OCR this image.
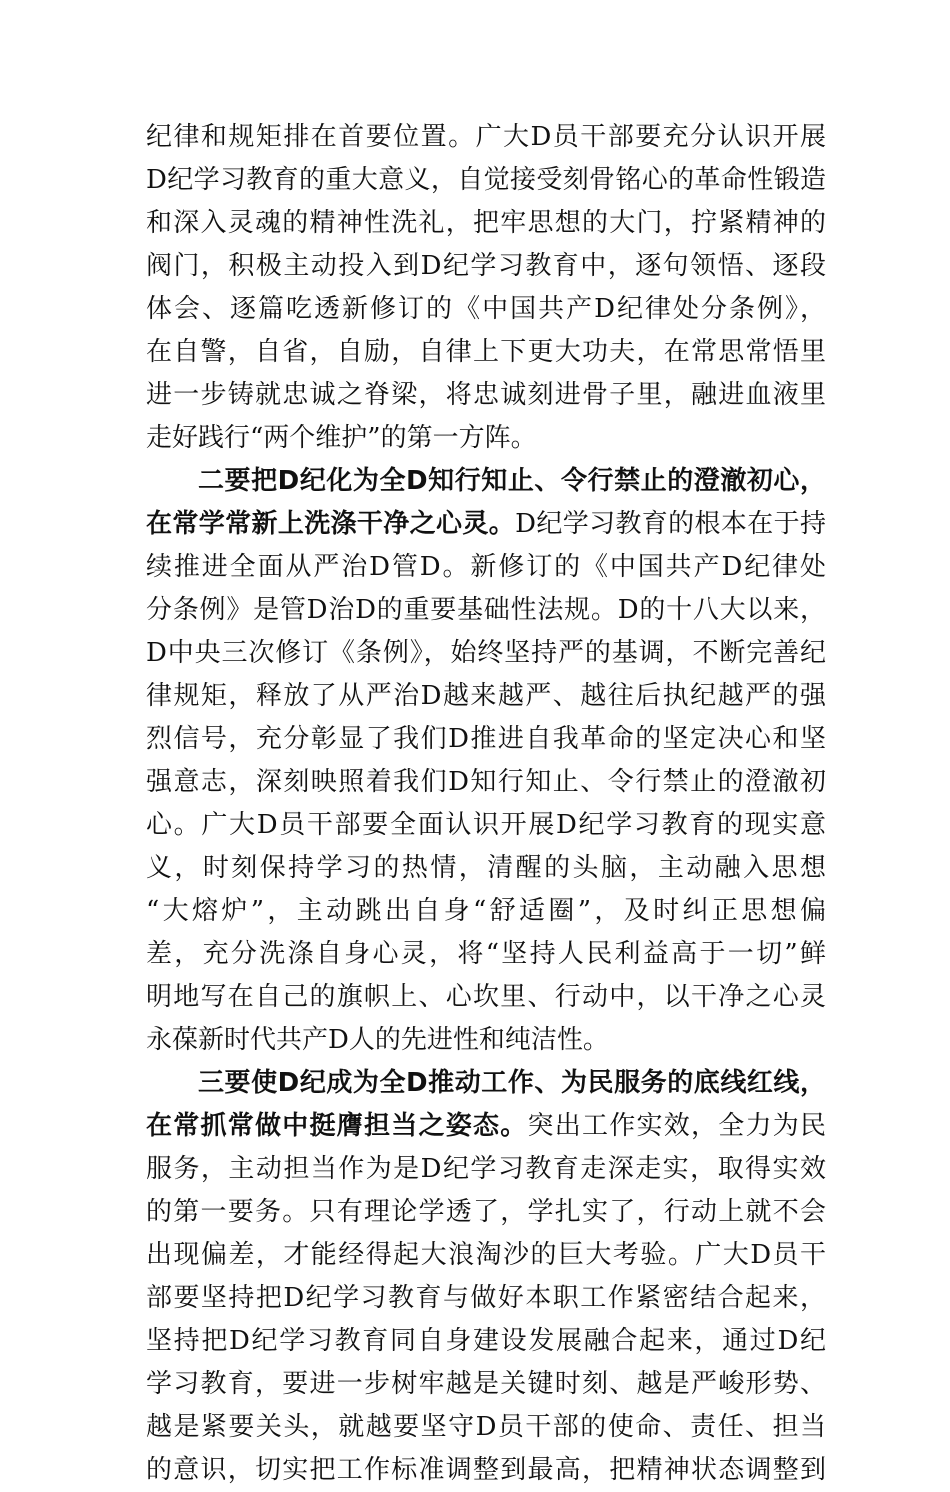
纪律和规矩排在首要位置。广大D员干部要充分认识开展
D纪学习教育的重大意义，自觉接受刻骨铭心的革命性锻造
和深入灵魂的精神性洗礼，把牢思想的大门，拧紧精神的
阀门，积极主动投入到D纪学习教育中，逐句领悟、逐段
体会、逐篇吃透新修订的《中国共产D纪律处分条例》，
在自警，自省，自励，自律上下更大功夫，在常思常悟里
进一步铸就忠诚之脊梁，将忠诚刻进骨子里，融进血液里
走好践行“两个维护”的第一方阵。
二要把D纪化为全D知行知止、令行禁止的澄澈初心，
在常学常新上洗涤干净之心灵。D纪学习教育的根本在于持
续推进全面从严治D管D。新修订的《中国共产D纪律处
分条例》是管D治D的重要基础性法规。D的十八大以来，
D中央三次修订《条例》，始终坚持严的基调，不断完善纪
律规矩，释放了从严治D越来越严、越往后执纪越严的强
烈信号，充分彰显了我们D推进自我革命的坚定决心和坚
强意志，深刻映照着我们D知行知止、令行禁止的澄澈初
心。广大D员干部要全面认识开展D纪学习教育的现实意
义，时刻保持学习的热情，清醒的头脑，主动融入思想
“大熔炉”，主动跳出自身“舒适圈”，及时纠正思想偏
差，充分洗涤自身心灵，将“坚持人民利益高于一切”鲜
明地写在自己的旗帜上、心坎里、行动中，以干净之心灵
永葆新时代共产D人的先进性和纯洁性。
三要使D纪成为全D推动工作、为民服务的底线红线，
在常抓常做中挺膺担当之姿态。突出工作实效，全力为民
服务，主动担当作为是D纪学习教育走深走实，取得实效
的第一要务。只有理论学透了，学扎实了，行动上就不会
出现偏差，才能经得起大浪淘沙的巨大考验。广大D员干
部要坚持把D纪学习教育与做好本职工作紧密结合起来，
坚持把D纪学习教育同自身建设发展融合起来，通过D纪
学习教育，要进一步树牢越是关键时刻、越是严峻形势、
越是紧要关头，就越要坚守D员干部的使命、责任、担当
的意识，切实把工作标准调整到最高，把精神状态调整到
